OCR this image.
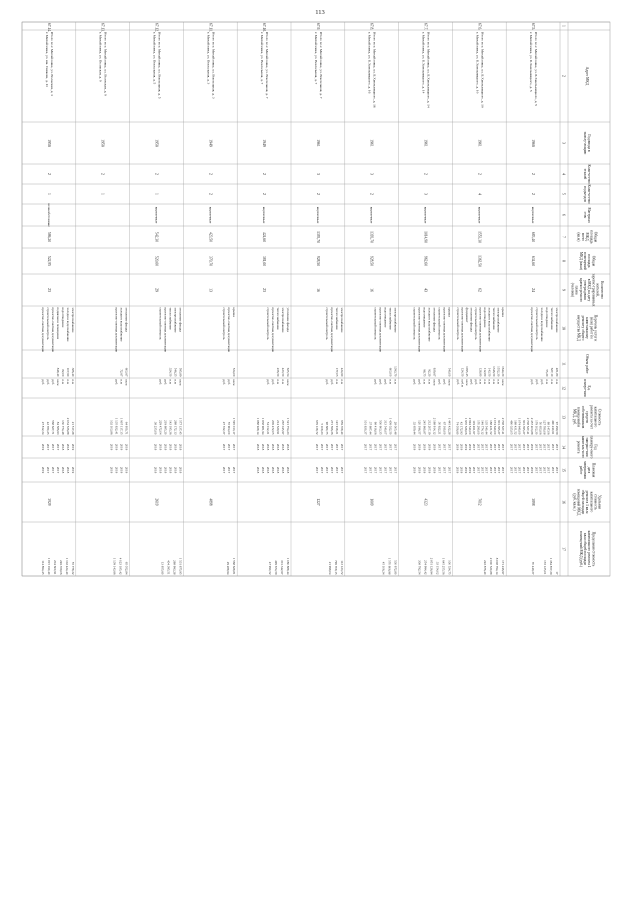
113
Адрес МКД
Год ввода в
эксплу-атацию
Коли-чество
этажей
Коли-чество
подъездов
Материал
стен
Общая
площадь
МКД,
всего
(кв.м)
Общая
площадь
помещений
МКД (кв.м)
Количество
жителей,
зарегис-трированных
в МКД на дату
утверждения
краткосрочного
плана
(человек)
Перечень услуг и
(или) работ по
капитальному
ремонту общего
имущества МКД
Объем работ
Ед.
измере-ния
Стоимость
капитального
ремонта за счет
средств
собственников
помещений в
МКД, руб.
Год
планиру-емого
заверше-ния
капиталь-ного
ремонта
Плановая
дата
завершения
работ
Удельная
стоимость
капитального
ремонта 1 кв.м
общей площади
помещений МКД
(руб./кв.м.)
Предельная стоимость
капитального ремонта 1
кв.м общей площади
помещений МКД (руб.)
1
2
3
4
5
6
7
8
9
10
11
12
13
14
15
16
17
67.5.
Итого по г. Михайловка, ул. Б.Хмельницкого, д. 5
г. Михайловка, ул. Б.Хмельницкого, д. 5
1960
2
2
кирпичные
683,40
634,60
24
электроснабжение
теплоснабжение
водоотведение
холодное водоснабжение
строительный контроль
проектно-сметная документация
481,80
627,10
55,20
п.м
п.м
п.м
руб.
руб.
руб.
97 299,59
490 240,61
88 147,06
127 780,08
50 653,06
179 102,30
2 457 403,88
2 708 527,41
901 395,27
1 074 640,00
188 431,52
490 025,05
2017
2017
2017
2017
2017
2017
2019
2017
2017
2017
2017
2017
2017
2017
2017
2017
2017
2017
2019
2017
2017
2017
2017
2017
3898
17
1 384 857,39
172 125,01
70 449,37
67.6.
Итого по г. Михайловка, ул. Б.Хмельницкого, д. 10
г. Михайловка, ул. Б.Хмельницкого, д. 10
1961
2
4
кирпичные
1553,30
1362,50
62
крыша
электроснабжение
теплоснабжение
холодное водоснабжение
водоотведение
проектно-сметная документация
строительный контроль
утепление фасада
фундамент
проектно-сметная документация
строительный контроль
1644,30
1552,30
1346,50
143,50
112,80
128,80
1095,45
124,50
кв.м
п.м
п.м
п.м
п.м
п.м
руб.
руб.
кв.м
куб.м
руб.
2 708 527,41
901 395,27
1 074 640,00
188 431,52
135 540,44
146 774,12
170 290,00
119 461,97
2 994 540,00
1 935 528,06
42 172,93
74 056,60
2017
2017
2017
2017
2017
2017
2017
2017
2019
2019
2019
2019
2017
2017
2017
2017
2017
2017
2017
2017
2019
2019
2019
2019
7012
171 246,97
8 008 764,14
2 000 520,88
222 876,40
67.7.
Итого по г. Михайловка, ул. Б.Хмельницкого, д. 14
г. Михайловка, ул. Б.Хмельницкого, д. 14
1961
2
3
кирпичные
1014,90
962,60
43
крыша
проектно-сметная документация
строительный контроль
утепление фасада
холодное водоснабжение
водоотведение
проектно-сметная документация
строительный контроль
540,00
939,67
92,20
98,75
кв.м
руб.
руб.
кв.м
п.м
п.м
руб.
руб.
1 445 432,28
67 160,00
30 922,21
2 188 914,12
212 207,19
245 860,87
120 196,57
32 659,44
2017
2017
2017
2019
2019
2019
2019
2019
2017
2017
2017
2019
2019
2019
2019
2019
4323
100 534,75
1 645 255,56
33 154,02
2 851 126,94
254 994,42
308 792,54
67.8.
Итого по г. Михайловка, ул. Б.Хмельницкого, д. 16
г. Михайловка, ул. Б.Хмельницкого, д. 16
1961
3
2
кирпичные
1393,70
928,50
16
электроснабжение
теплоснабжение
водоотведение
проектно-сметная документация
строительный контроль
1393,70
603,00
п.м
п.м
руб.
руб.
руб.
28 005,48
1 436 022,50
313 540,07
500 903,35
98 416,06
37 887,44
101 830,37
2017
2017
2017
2017
2017
2017
2017
2017
2017
2017
2017
2017
2017
2017
1009
530 972,80
1 570 806,98
45 106,34
67.9.
Итого по г. Михайловка, ул. Вокзальная, д. 7
г. Михайловка, ул. Вокзальная, д. 7
1961
3
2
кирпичные
1393,70
928,50
16
электроснабжение
теплоснабжение
проектно-сметная документация
строительный контроль
424,60
177,05
п.м
п.м
руб.
руб.
959 358,40
145 918,21
271 566,36
98 680,75
5 108,23
676 138,72
2017
2017
2017
2017
2017
2017
2017
2017
2017
2017
2017
2017
1227
113 123,72
796 708,15
21 998,04
67.10.
Итого по г. Михайловка, ул. Вокзальная, д. 7
г. Михайловка, ул. Вокзальная, д. 7
1949
2
2
кирпичные
424,60
381,00
23
утепление фасада
электроснабжение
теплоснабжение
проектно-сметная документация
строительный контроль
635,54
423,50
236,50
кв.м
п.м
п.м
руб.
руб.
1 521 754,23
267 045,97
214 529,91
206 472,05
54 012,21
1 838 981,94
1 888 928,14
2018
2018
2018
2018
2018
2018
2018
2018
2018
2018
2018
2018
2018
2018
1 080 888,44
301 342,67
499 674,59
47 990,52
67.11.
Итого по г. Михайловка, ул. Вокзальная, д. 3
г. Михайловка, ул. Вокзальная, д. 3
1949
2
2
кирпичные
423,50
370,70
13
крыша
проектно-сметная документация
строительный контроль
534,00
кв.м
руб.
руб.
1 595 013,17
55 904,00
27 722,37
2017
2017
2017
2017
2017
2017
4898
1 568 628,81
29 288,64
67.12.
Итого по г. Михайловка, ул. Вокзальная, д. 5
г. Михайловка, ул. Вокзальная, д. 5
1950
2
1
кирпичные
542,30
520,00
29
утепление фасада
электроснабжение
теплоснабжение
проектно-сметная документация
строительный контроль
595,89
546,25
324,50
кв.м
п.м
п.м
руб.
руб.
1 577 137,45
288 172,13
143 195,36
219 885,20
229 472,04
38 235,00
2018
2018
2018
2018
2018
2018
2018
2018
2018
2018
2018
2018
2619
1 531 875,95
288 993,28
404 395,51
13 855,60
67.13.
Итого по г. Михайловка, ул. Волжская, д. 9
г. Михайловка, ул. Волжская, д. 9
1950
2
1
утепление фасада
холодное водоснабжение
проектно-сметная документация
603,67
72,67
кв.м
п.м
руб.
64 950,71
1 907 117,15
1 135 832,41
102 103,86
2019
2019
2019
2019
2019
2019
2019
2019
65 052,84
4 023 185,42
1 139 143,66
67.14.
Итого по г. Михайловка, ул. Волжская, д. 3
г. Михайловка, ул. им. Сивкова, д. 11
1950
2
1
шлакобетонные
586,20
522,95
23
электроснабжение
холодное водоснабжение
водоотведение
подвальное помещение
проектно-сметная документация
строительный контроль
проектно-сметная документация
386,40
107,60
82,00
848,40
п.м
п.м
п.м
кв.м
руб.
руб.
руб.
21 517,28
2 034 536,88
130 774,48
84 586,63
568 627,71
42 780,25
27 812,34
2019
2018
2018
2017
2017
2017
2019
2019
2018
2018
2017
2017
2017
2019
3929
55 778,32
1 102 424,40
246 359,06
204 600,91
1 815 160,40
114 864,45
